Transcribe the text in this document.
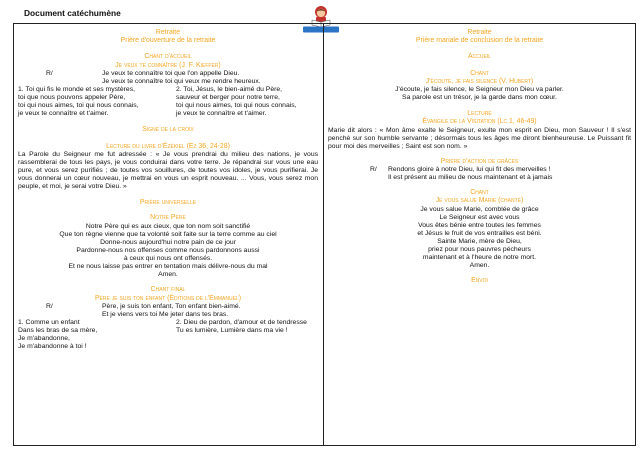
Document catéchumène
Retraite
Prière d'ouverture de la retraite
Chant d'accueil
Je veux te connaître (J. F. Kieffer)
R/	Je veux te connaître toi que l'on appelle Dieu.
Je veux te connaître toi qui veux me rendre heureux.
1. Toi qui fis le monde et ses mystères,
toi que nous pouvons appeler Père,
toi qui nous aimes, toi qui nous connais,
je veux te connaître et t'aimer.
2. Toi, Jésus, le bien-aimé du Père,
sauveur et berger pour notre terre,
toi qui nous aimes, toi qui nous connais,
je veux te connaître et t'aimer.
Signe de la croix
Lecture du livre d'Ézékiel (Ez 36, 24-28)
La Parole du Seigneur me fut adressée : « Je vous prendrai du milieu des nations, je vous rassemblerai de tous les pays, je vous conduirai dans votre terre. Je répandrai sur vous une eau pure, et vous serez purifiés ; de toutes vos souillures, de toutes vos idoles, je vous purifierai. Je vous donnerai un cœur nouveau, je mettrai en vous un esprit nouveau. ... Vous, vous serez mon peuple, et moi, je serai votre Dieu. »
Prière universelle
Notre Père
Notre Père qui es aux cieux, que ton nom soit sanctifié
Que ton règne vienne que ta volonté soit faite sur la terre comme au ciel
Donne-nous aujourd'hui notre pain de ce jour
Pardonne-nous nos offenses comme nous pardonnons aussi
à ceux qui nous ont offensés.
Et ne nous laisse pas entrer en tentation mais délivre-nous du mal
Amen.
Chant final
Père je suis ton enfant (Éditions de l'Emmanuel)
R/	Père, je suis ton enfant, Ton enfant bien-aimé.
Et je viens vers toi Me jeter dans tes bras.
1. Comme un enfant
Dans les bras de sa mère,
Je m'abandonne,
Je m'abandonne à toi !
2. Dieu de pardon, d'amour et de tendresse
Tu es lumière, Lumière dans ma vie !
Retraite
Prière mariale de conclusion de la retraite
Accueil
Chant
J'écoute, je fais silence (V. Hubert)
J'écoute, je fais silence, le Seigneur mon Dieu va parler.
Sa parole est un trésor, je la garde dans mon cœur.
Lecture
Évangile de la Visitation (Lc 1, 46-49)
Marie dit alors : « Mon âme exalte le Seigneur, exulte mon esprit en Dieu, mon Sauveur ! Il s'est penché sur son humble servante ; désormais tous les âges me diront bienheureuse. Le Puissant fit pour moi des merveilles ; Saint est son nom. »
Prière d'action de grâces
R/	Rendons gloire à notre Dieu, lui qui fit des merveilles !
Il est présent au milieu de nous maintenant et à jamais
Chant
Je vous salue Marie (chanté)
Je vous salue Marie, comblée de grâce
Le Seigneur est avec vous
Vous êtes bénie entre toutes les femmes
et Jésus le fruit de vos entrailles est béni.
Sainte Marie, mère de Dieu,
priez pour nous pauvres pécheurs
maintenant et à l'heure de notre mort.
Amen.
Envoi
